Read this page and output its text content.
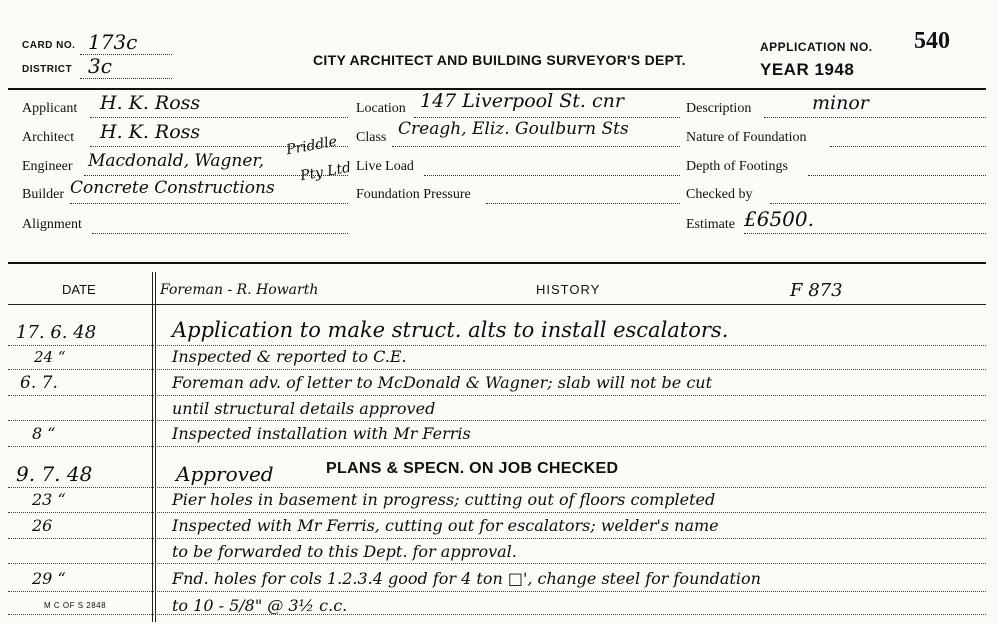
CARD NO. 173c
DISTRICT 3c	CITY ARCHITECT AND BUILDING SURVEYOR'S DEPT.
APPLICATION NO. 540
YEAR 1948
Applicant H. K. Ross
Architect H. K. Ross
Priddle
Engineer Macdonald, Wagner,
Builder Concrete Constructions
Pty Ltd
Alignment
Location 147 Liverpool St. cnr
Class Creagh, Eliz. Goulburn Sts
Live Load
Foundation Pressure
Description	minor
Nature of Foundation
Depth of Footings
Checked by
Estimate £6500.
DATE	Foreman - R. Howarth	HISTORY	F 873
17. 6. 48	Application to make struct. alts to install escalators.
24 “	Inspected & reported to C.E.
6. 7.	Foreman adv. of letter to McDonald & Wagner; slab will not be cut
until structural details approved
8 “	Inspected installation with Mr Ferris
9. 7. 48	Approved	PLANS & SPECN. ON JOB CHECKED
23 “	Pier holes in basement in progress; cutting out of floors completed
26	Inspected with Mr Ferris, cutting out for escalators; welder's name
to be forwarded to this Dept. for approval.
29 “	Fnd. holes for cols 1.2.3.4 good for 4 ton □', change steel for foundation
to 10 - 5/8" @ 3½ c.c.
M C OF S 2848
